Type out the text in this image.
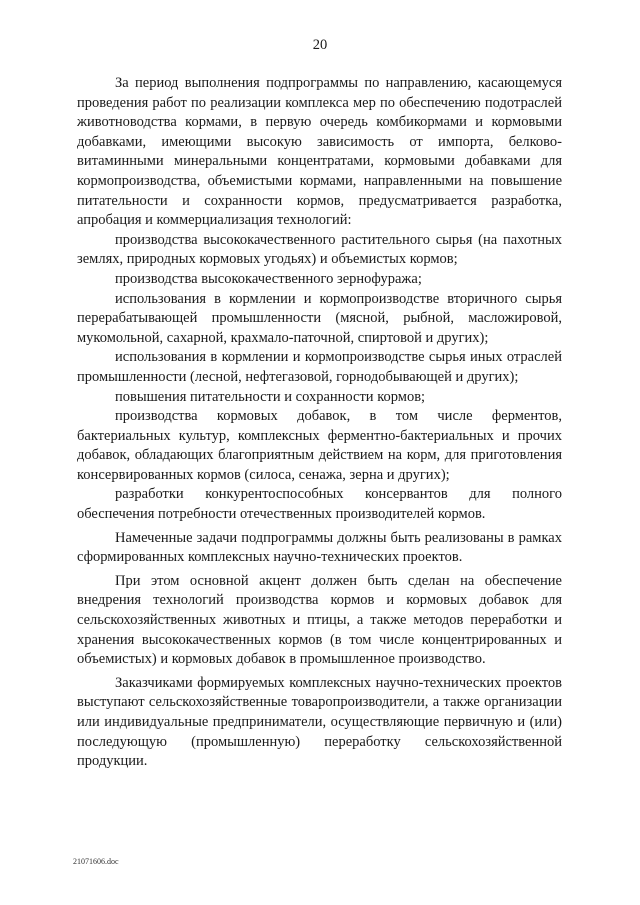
20

За период выполнения подпрограммы по направлению, касающемуся проведения работ по реализации комплекса мер по обеспечению подотраслей животноводства кормами, в первую очередь комбикормами и кормовыми добавками, имеющими высокую зависимость от импорта, белково-витаминными минеральными концентратами, кормовыми добавками для кормопроизводства, объемистыми кормами, направленными на повышение питательности и сохранности кормов, предусматривается разработка, апробация и коммерциализация технологий:

производства высококачественного растительного сырья (на пахотных землях, природных кормовых угодьях) и объемистых кормов;

производства высококачественного зернофуража;

использования в кормлении и кормопроизводстве вторичного сырья перерабатывающей промышленности (мясной, рыбной, масложировой, мукомольной, сахарной, крахмало-паточной, спиртовой и других);

использования в кормлении и кормопроизводстве сырья иных отраслей промышленности (лесной, нефтегазовой, горнодобывающей и других);

повышения питательности и сохранности кормов;

производства кормовых добавок, в том числе ферментов, бактериальных культур, комплексных ферментно-бактериальных и прочих добавок, обладающих благоприятным действием на корм, для приготовления консервированных кормов (силоса, сенажа, зерна и других);

разработки конкурентоспособных консервантов для полного обеспечения потребности отечественных производителей кормов.

Намеченные задачи подпрограммы должны быть реализованы в рамках сформированных комплексных научно-технических проектов.

При этом основной акцент должен быть сделан на обеспечение внедрения технологий производства кормов и кормовых добавок для сельскохозяйственных животных и птицы, а также методов переработки и хранения высококачественных кормов (в том числе концентрированных и объемистых) и кормовых добавок в промышленное производство.

Заказчиками формируемых комплексных научно-технических проектов выступают сельскохозяйственные товаропроизводители, а также организации или индивидуальные предприниматели, осуществляющие первичную и (или) последующую (промышленную) переработку сельскохозяйственной продукции.

21071606.doc
